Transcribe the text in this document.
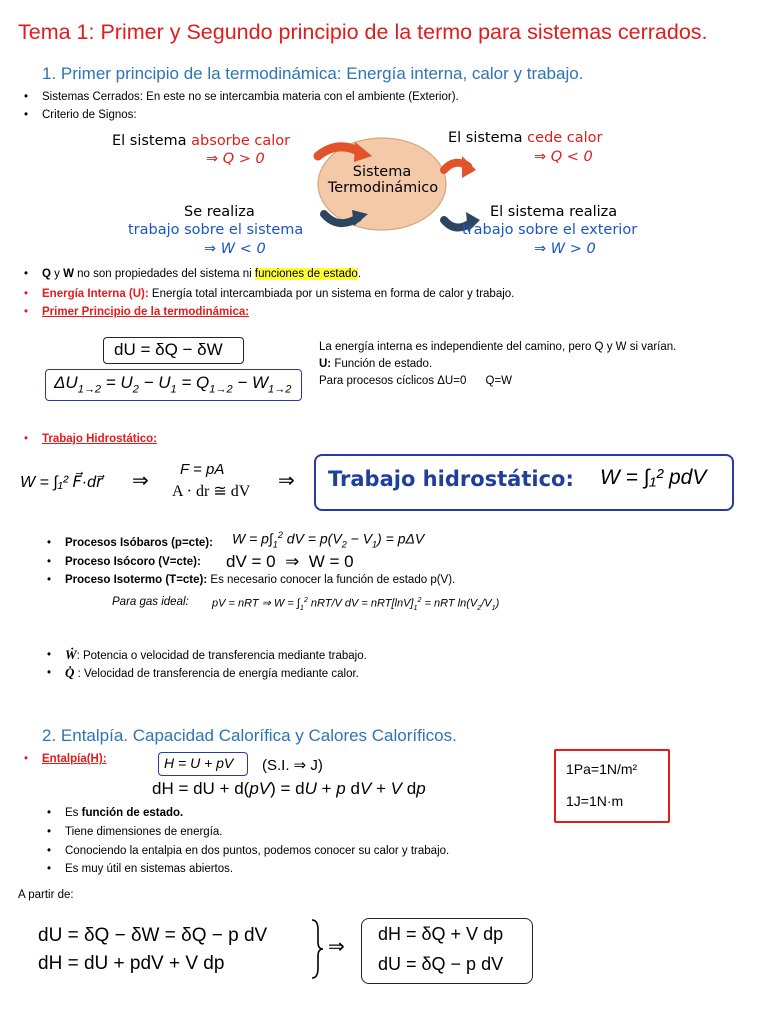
Tema 1: Primer y Segundo principio de la termo para sistemas cerrados.
1. Primer principio de la termodinámica: Energía interna, calor y trabajo.
• Sistemas Cerrados: En este no se intercambia materia con el ambiente (Exterior).
• Criterio de Signos:
Sistema
Termodinámico
El sistema absorbe calor
⇒ Q > 0
El sistema cede calor
⇒ Q < 0
Se realiza
trabajo sobre el sistema
⇒ W < 0
El sistema realiza
trabajo sobre el exterior
⇒ W > 0
• Q y W no son propiedades del sistema ni funciones de estado.
• Energía Interna (U): Energía total intercambiada por un sistema en forma de calor y trabajo.
• Primer Principio de la termodinámica:
dU = δQ − δW
$\Delta U_{1\to 2} = U_2 - U_1 = Q_{1\to 2} - W_{1\to 2}$
La energía interna es independiente del camino, pero Q y W si varían.
U: Función de estado.
Para procesos cíclicos ΔU=0      Q=W
• Trabajo Hidrostático:
W = ∫₁² F⃗·dr⃗ ⇒
F = pA
A · dr ≅ dV ⇒ Trabajo hidrostático: W = ∫₁² pdV
• Procesos Isóbaros (p=cte): $W = p\int_1^2$ dV = $p(V_2 - V_1) = p\Delta V$
• Proceso Isócoro (V=cte): dV = 0  ⇒  W = 0
• Proceso Isotermo (T=cte): Es necesario conocer la función de estado p(V).
Para gas ideal: pV = nRT ⇒ $W = \int_1^2$ nRT/V dV = $nRT[\ln V]_1^2$ = nRT $\ln(V_2/V_1)$
• Ẇ: Potencia o velocidad de transferencia mediante trabajo.
• Q̇ : Velocidad de transferencia de energía mediante calor.
2. Entalpía. Capacidad Calorífica y Calores Caloríficos.
• Entalpía(H):	H = U + pV (S.I. ⇒ J)
dH = dU + d(pV) = dU + p dV + V dp
1Pa=1N/m²
1J=1N·m
• Es función de estado.
• Tiene dimensiones de energía.
• Conociendo la entalpia en dos puntos, podemos conocer su calor y trabajo.
• Es muy útil en sistemas abiertos.
A partir de:
dU = δQ − δW = δQ − p dV
dH = dU + pdV + V dp
⇒
dH = δQ + V dp
dU = δQ − p dV
